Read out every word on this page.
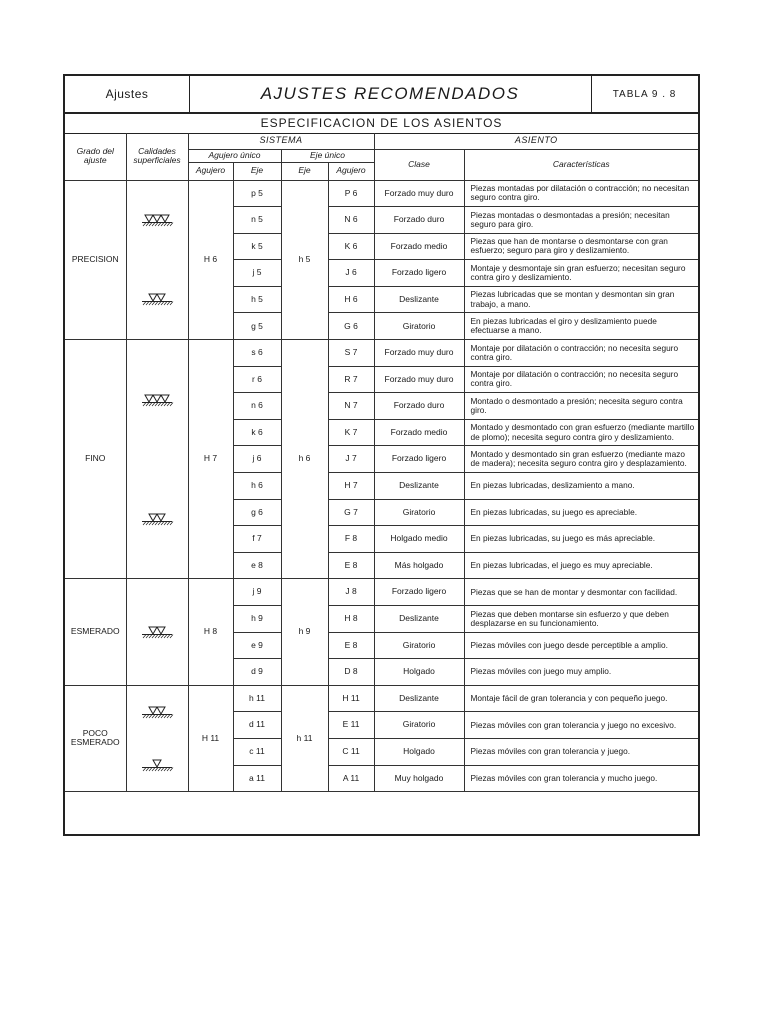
Ajustes	AJUSTES RECOMENDADOS	TABLA 9 . 8
ESPECIFICACION DE LOS ASIENTOS
Grado del ajuste	Calidades superficiales	SISTEMA				ASIENTO	
		Agujero único		Eje único		Clase	Características
		Agujero	Eje	Eje	Agujero		
PRECISION		H 6	p 5	h 5	P 6	Forzado muy duro	Piezas montadas por dilatación o contracción; no necesitan seguro contra giro.
			n 5		N 6	Forzado duro	Piezas montadas o desmontadas a presión; necesitan seguro para giro.
			k 5		K 6	Forzado medio	Piezas que han de montarse o desmontarse con gran esfuerzo; seguro para giro y deslizamiento.
			j 5		J 6	Forzado ligero	Montaje y desmontaje sin gran esfuerzo; necesitan seguro contra giro y deslizamiento.
			h 5		H 6	Deslizante	Piezas lubricadas que se montan y desmontan sin gran trabajo, a mano.
			g 5		G 6	Giratorio	En piezas lubricadas el giro y deslizamiento puede efectuarse a mano.
FINO		H 7	s 6	h 6	S 7	Forzado muy duro	Montaje por dilatación o contracción; no necesita seguro contra giro.
			r 6		R 7	Forzado muy duro	Montaje por dilatación o contracción; no necesita seguro contra giro.
			n 6		N 7	Forzado duro	Montado o desmontado a presión; necesita seguro contra giro.
			k 6		K 7	Forzado medio	Montado y desmontado con gran esfuerzo (mediante martillo de plomo); necesita seguro contra giro y deslizamiento.
			j 6		J 7	Forzado ligero	Montado y desmontado sin gran esfuerzo (mediante mazo de madera); necesita seguro contra giro y desplazamiento.
			h 6		H 7	Deslizante	En piezas lubricadas, deslizamiento a mano.
			g 6		G 7	Giratorio	En piezas lubricadas, su juego es apreciable.
			f 7		F 8	Holgado medio	En piezas lubricadas, su juego es más apreciable.
			e 8		E 8	Más holgado	En piezas lubricadas, el juego es muy apreciable.
ESMERADO		H 8	j 9	h 9	J 8	Forzado ligero	Piezas que se han de montar y desmontar con facilidad.
			h 9		H 8	Deslizante	Piezas que deben montarse sin esfuerzo y que deben desplazarse en su funcionamiento.
			e 9		E 8	Giratorio	Piezas móviles con juego desde perceptible a amplio.
			d 9		D 8	Holgado	Piezas móviles con juego muy amplio.
POCO ESMERADO		H 11	h 11	h 11	H 11	Deslizante	Montaje fácil de gran tolerancia y con pequeño juego.
			d 11		E 11	Giratorio	Piezas móviles con gran tolerancia y juego no excesivo.
			c 11		C 11	Holgado	Piezas móviles con gran tolerancia y juego.
			a 11		A 11	Muy holgado	Piezas móviles con gran tolerancia y mucho juego.
